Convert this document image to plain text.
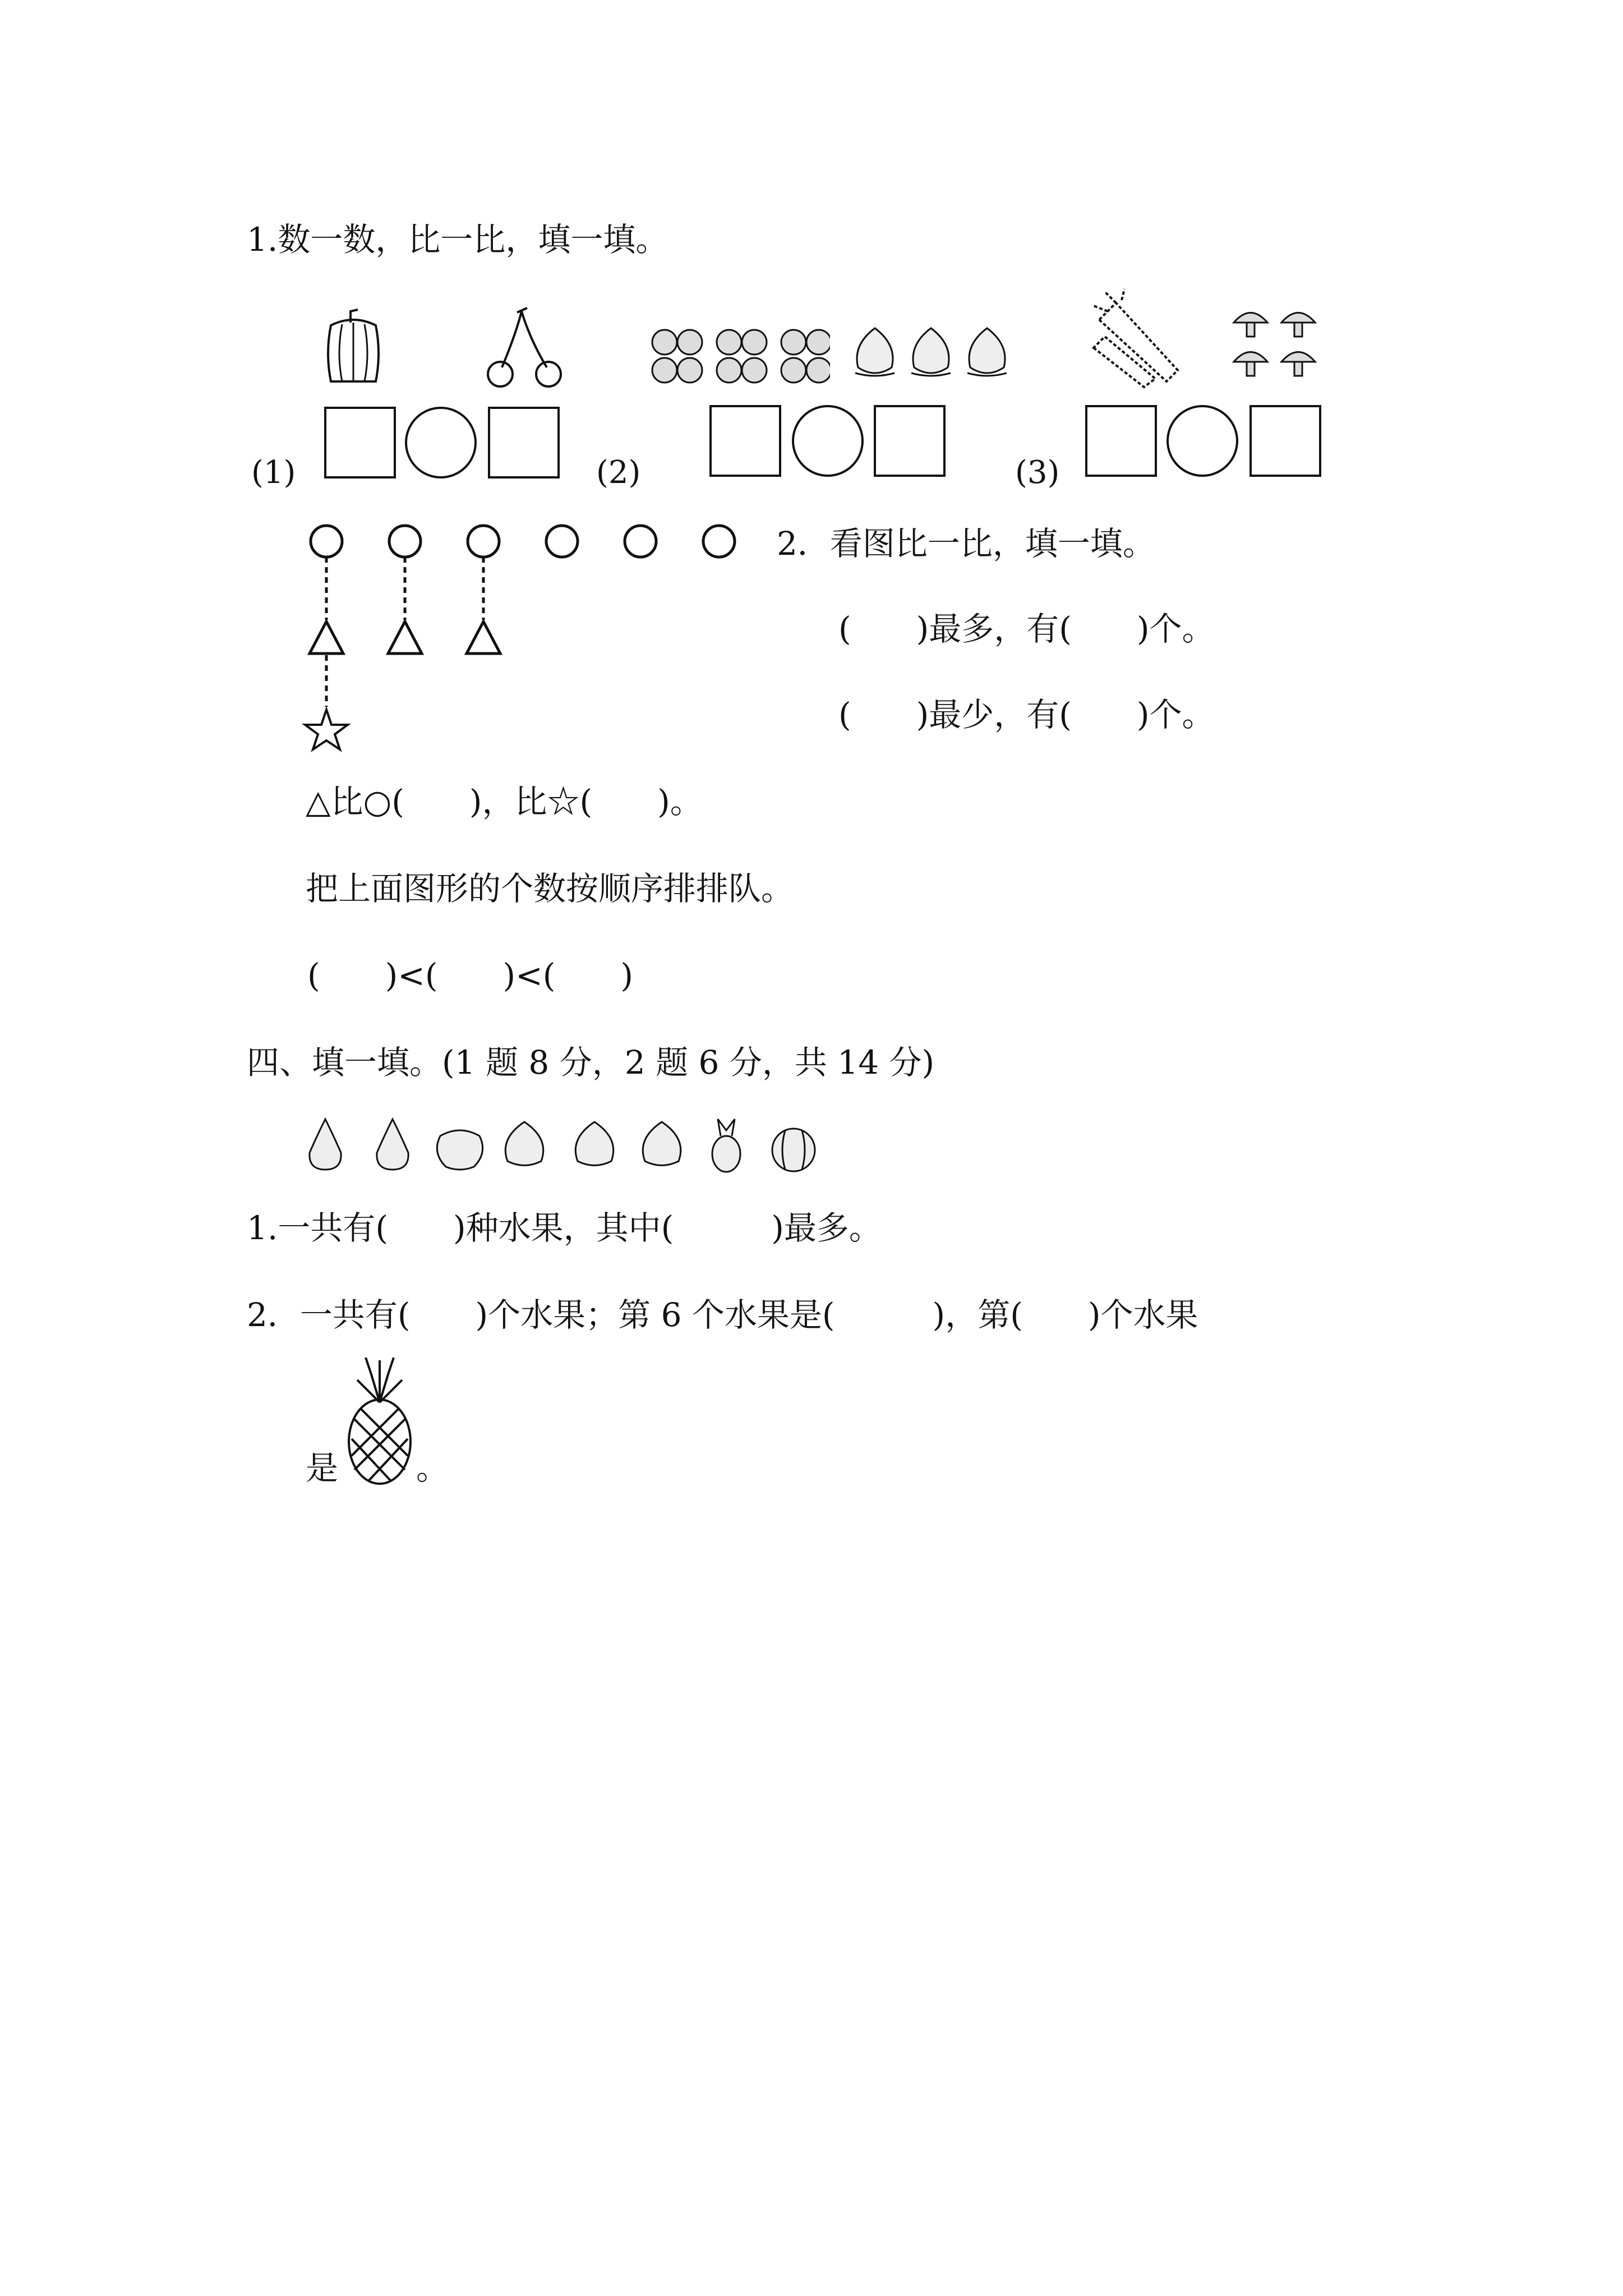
1.数一数，比一比，填一填。
(1)	(2)	(3)
2．看图比一比，填一填。
(　　)最多，有(　　)个。
(　　)最少，有(　　)个。
△比○(　　)，比☆(　　)。
把上面图形的个数按顺序排排队。
(　　)<(　　)<(　　)
四、填一填。(1 题 8 分，2 题 6 分，共 14 分)
1.一共有(　　)种水果，其中(　　　)最多。
2．一共有(　　)个水果；第 6 个水果是(　　　)，第(　　)个水果
是 。
